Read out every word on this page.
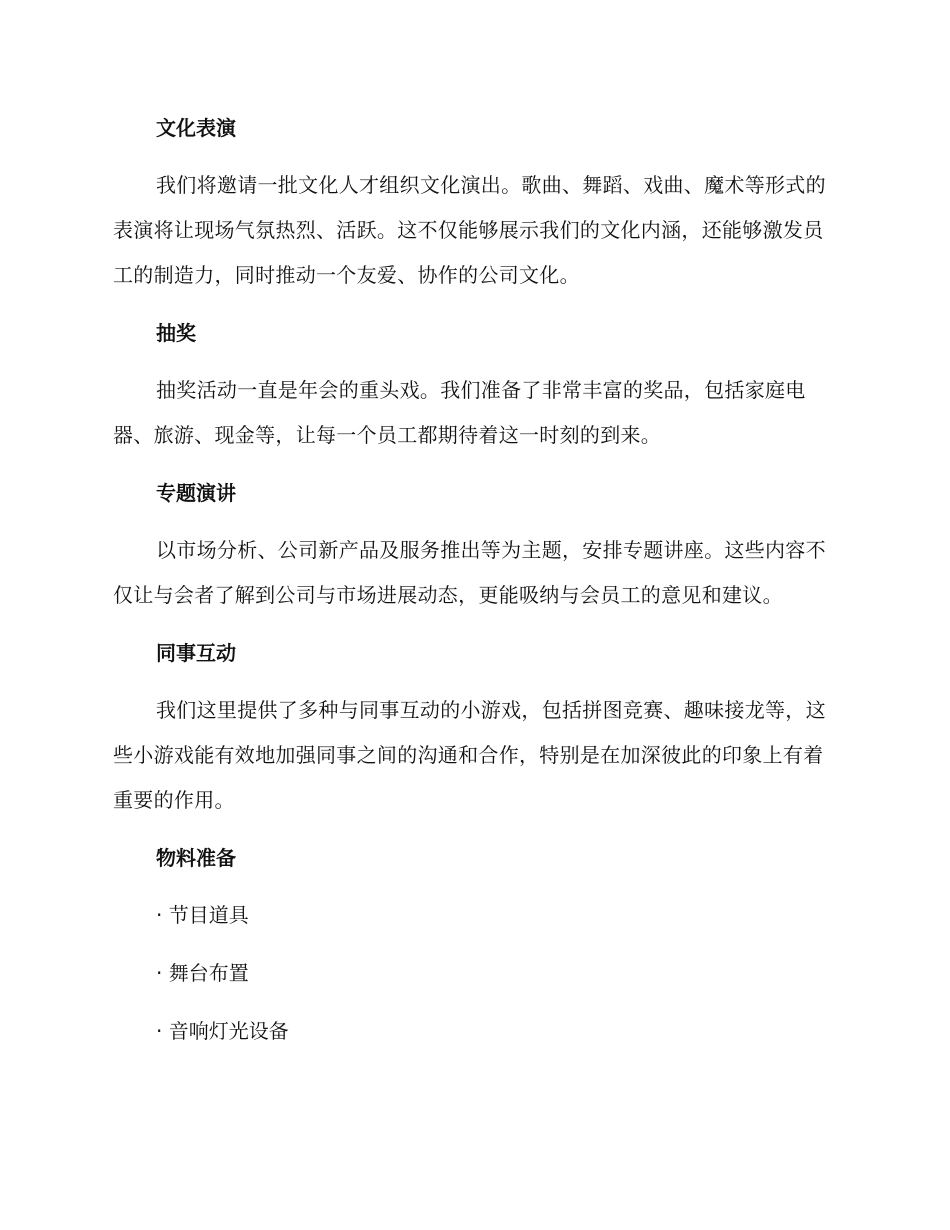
文化表演

我们将邀请一批文化人才组织文化演出。歌曲、舞蹈、戏曲、魔术等形式的表演将让现场气氛热烈、活跃。这不仅能够展示我们的文化内涵，还能够激发员工的制造力，同时推动一个友爱、协作的公司文化。

抽奖

抽奖活动一直是年会的重头戏。我们准备了非常丰富的奖品，包括家庭电器、旅游、现金等，让每一个员工都期待着这一时刻的到来。

专题演讲

以市场分析、公司新产品及服务推出等为主题，安排专题讲座。这些内容不仅让与会者了解到公司与市场进展动态，更能吸纳与会员工的意见和建议。

同事互动

我们这里提供了多种与同事互动的小游戏，包括拼图竞赛、趣味接龙等，这些小游戏能有效地加强同事之间的沟通和合作，特别是在加深彼此的印象上有着重要的作用。

物料准备

· 节目道具

· 舞台布置

· 音响灯光设备
